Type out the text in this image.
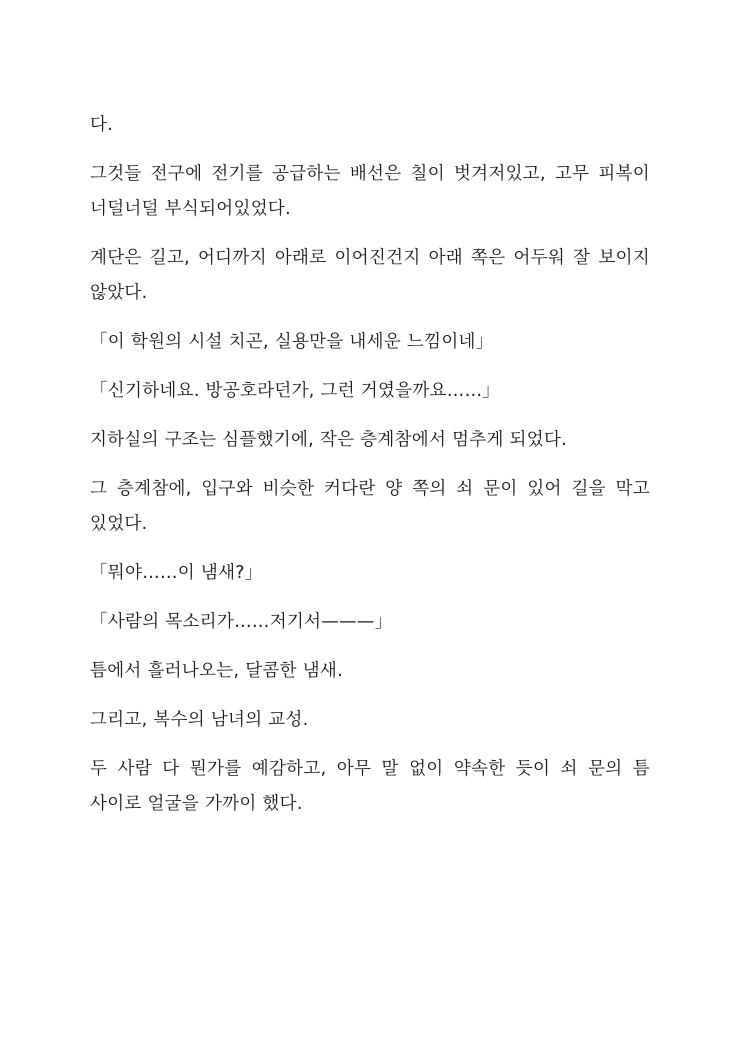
다.

그것들 전구에 전기를 공급하는 배선은 칠이 벗겨저있고, 고무 피복이 너덜너덜 부식되어있었다.

계단은 길고, 어디까지 아래로 이어진건지 아래 쪽은 어두워 잘 보이지 않았다.

「이 학원의 시설 치곤, 실용만을 내세운 느낌이네」

「신기하네요. 방공호라던가, 그런 거였을까요……」

지하실의 구조는 심플했기에, 작은 층계참에서 멈추게 되었다.

그 층계참에, 입구와 비슷한 커다란 양 쪽의 쇠 문이 있어 길을 막고 있었다.

「뭐야……이 냄새?」

「사람의 목소리가……저기서———」

틈에서 흘러나오는, 달콤한 냄새.

그리고, 복수의 남녀의 교성.

두 사람 다 뭔가를 예감하고, 아무 말 없이 약속한 듯이 쇠 문의 틈 사이로 얼굴을 가까이 했다.
